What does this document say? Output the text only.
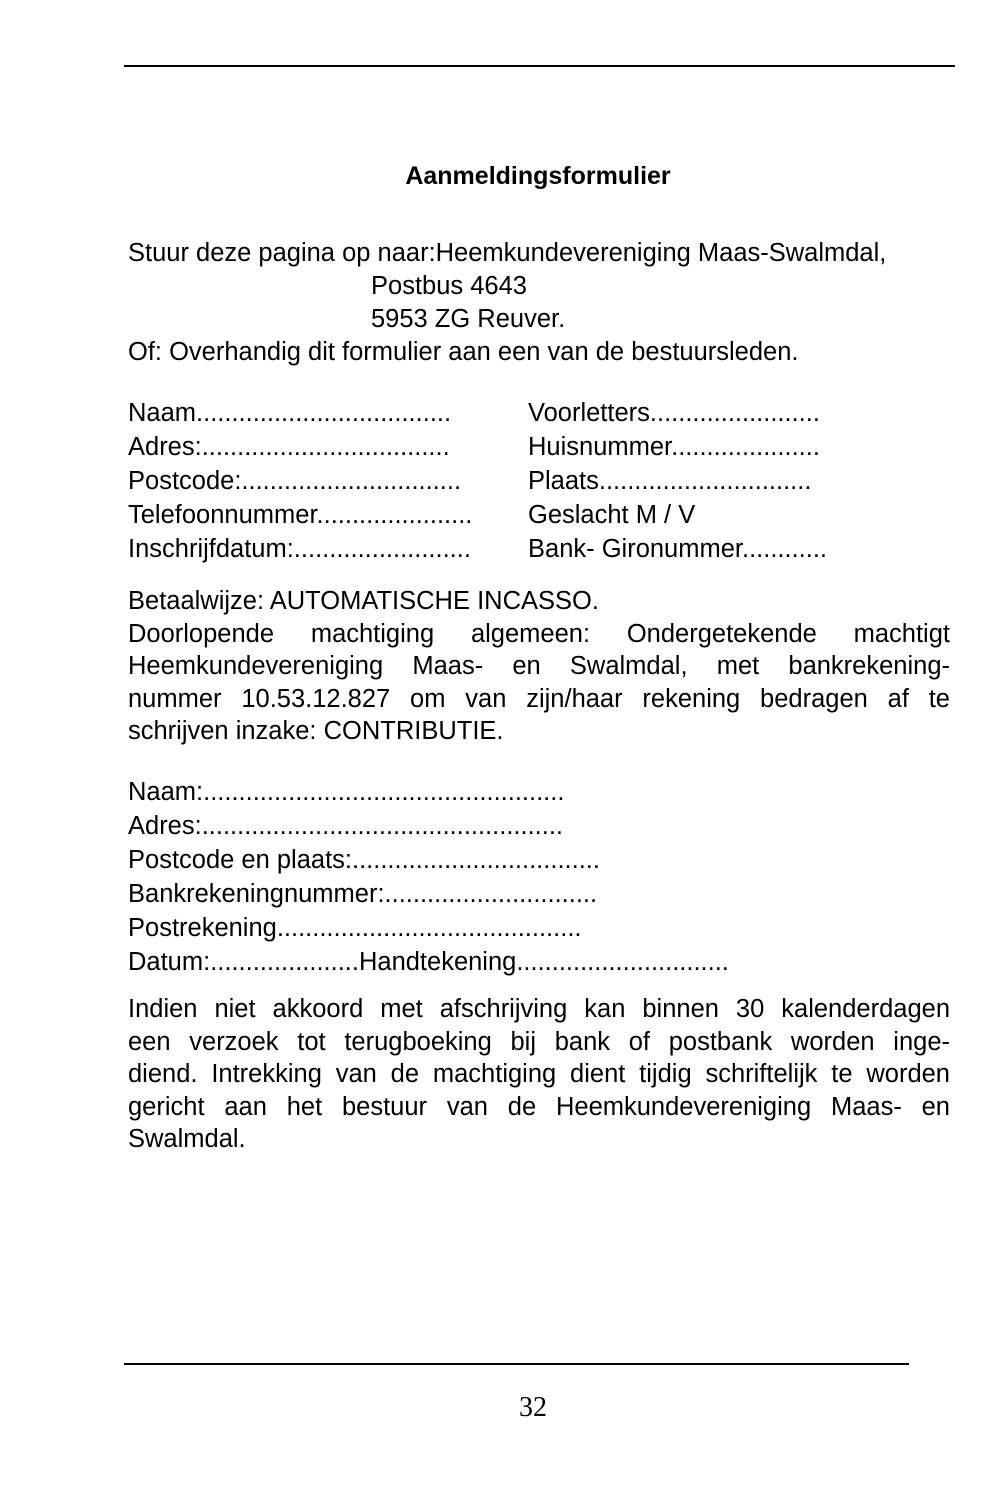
Aanmeldingsformulier
Stuur deze pagina op naar:Heemkundevereniging Maas-Swalmdal,
Postbus 4643
5953 ZG Reuver.
Of: Overhandig dit formulier aan een van de bestuursleden.
Naam....................................	Voorletters........................
Adres:...................................	Huisnummer.....................
Postcode:...............................	Plaats..............................
Telefoonnummer......................	Geslacht M / V
Inschrijfdatum:.........................	Bank- Gironummer............
Betaalwijze: AUTOMATISCHE INCASSO.
Doorlopende machtiging algemeen: Ondergetekende machtigt
Heemkundevereniging Maas- en Swalmdal, met bankrekening-
nummer 10.53.12.827 om van zijn/haar rekening bedragen af te
schrijven inzake: CONTRIBUTIE.
Naam:...................................................
Adres:...................................................
Postcode en plaats:...................................
Bankrekeningnummer:..............................
Postrekening...........................................
Datum:.....................Handtekening..............................
Indien niet akkoord met afschrijving kan binnen 30 kalenderdagen
een verzoek tot terugboeking bij bank of postbank worden inge-
diend. Intrekking van de machtiging dient tijdig schriftelijk te worden
gericht aan het bestuur van de Heemkundevereniging Maas- en
Swalmdal.
32
